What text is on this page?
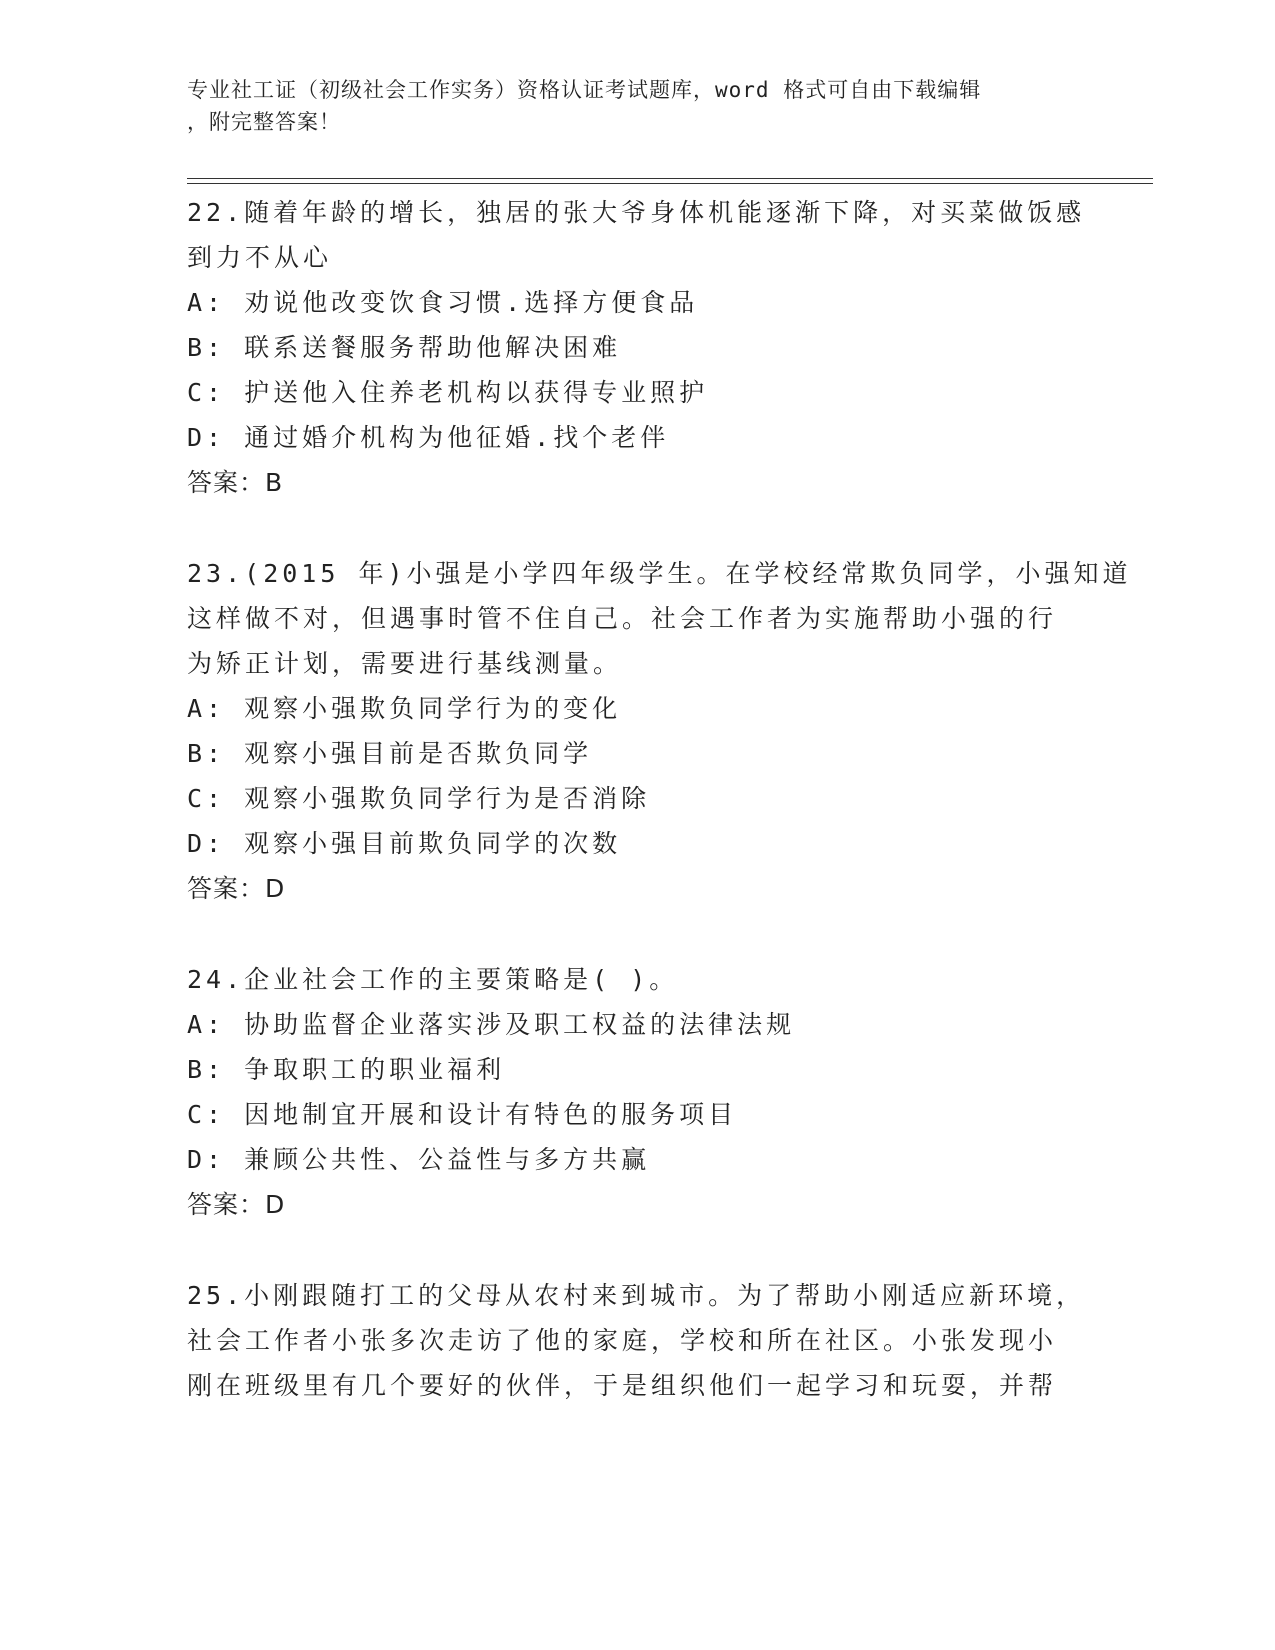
专业社工证（初级社会工作实务）资格认证考试题库，word 格式可自由下载编辑
，附完整答案！
22.随着年龄的增长，独居的张大爷身体机能逐渐下降，对买菜做饭感
到力不从心
A: 劝说他改变饮食习惯.选择方便食品
B: 联系送餐服务帮助他解决困难
C: 护送他入住养老机构以获得专业照护
D: 通过婚介机构为他征婚.找个老伴
答案：B
23.(2015 年)小强是小学四年级学生。在学校经常欺负同学，小强知道
这样做不对，但遇事时管不住自己。社会工作者为实施帮助小强的行
为矫正计划，需要进行基线测量。
A: 观察小强欺负同学行为的变化
B: 观察小强目前是否欺负同学
C: 观察小强欺负同学行为是否消除
D: 观察小强目前欺负同学的次数
答案：D
24.企业社会工作的主要策略是( )。
A: 协助监督企业落实涉及职工权益的法律法规
B: 争取职工的职业福利
C: 因地制宜开展和设计有特色的服务项目
D: 兼顾公共性、公益性与多方共赢
答案：D
25.小刚跟随打工的父母从农村来到城市。为了帮助小刚适应新环境，
社会工作者小张多次走访了他的家庭，学校和所在社区。小张发现小
刚在班级里有几个要好的伙伴，于是组织他们一起学习和玩耍，并帮
